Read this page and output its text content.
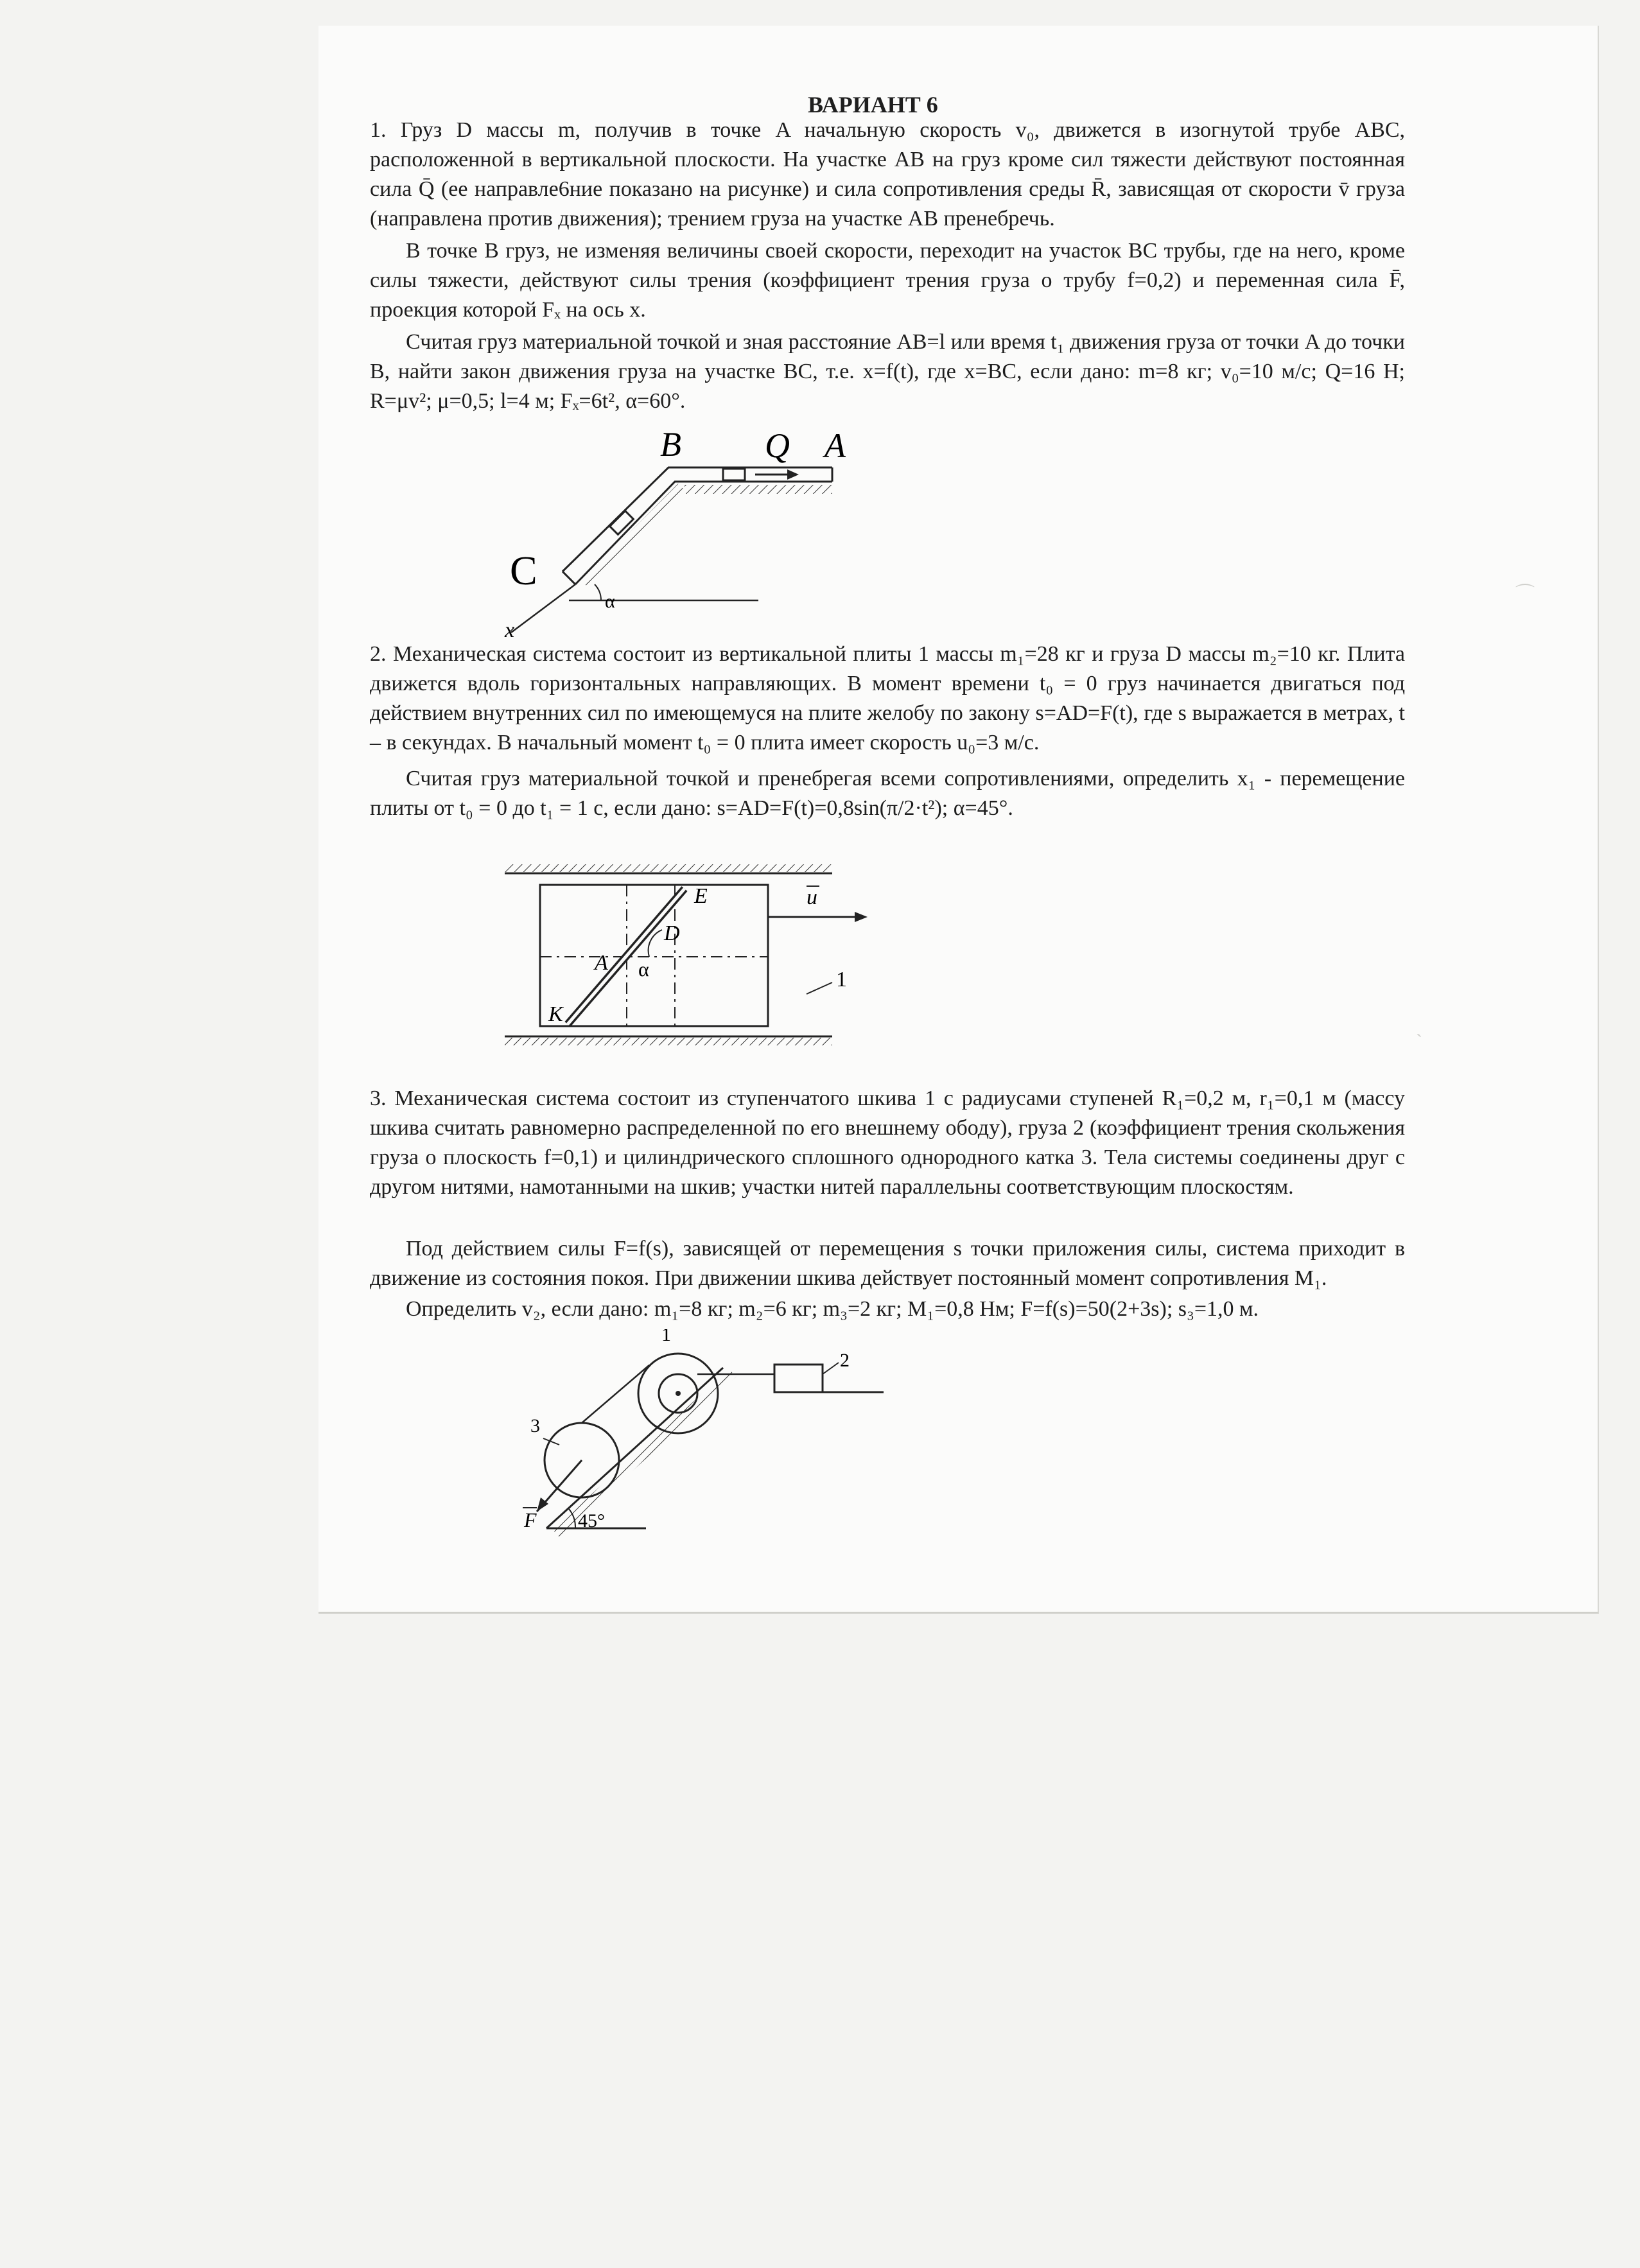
ВАРИАНТ 6
1. Груз D массы m, получив в точке A начальную скорость v₀, движется в изогнутой трубе ABC, расположенной в вертикальной плоскости. На участке AB на груз кроме сил тяжести действуют постоянная сила Q̄ (ее направле6ние показано на рисунке) и сила сопротивления среды R̄, зависящая от скорости v̄ груза (направлена против движения); трением груза на участке AB пренебречь.
В точке B груз, не изменяя величины своей скорости, переходит на участок BC трубы, где на него, кроме силы тяжести, действуют силы трения (коэффициент трения груза о трубу f=0,2) и переменная сила F̄, проекция которой Fₓ на ось x.
Считая груз материальной точкой и зная расстояние AB=l или время t₁ движения груза от точки A до точки B, найти закон движения груза на участке BC, т.е. x=f(t), где x=BC, если дано: m=8 кг; v₀=10 м/с; Q=16 Н; R=μv²; μ=0,5; l=4 м; Fₓ=6t², α=60°.
B Q A
C
x
α
2. Механическая система состоит из вертикальной плиты 1 массы m₁=28 кг и груза D массы m₂=10 кг. Плита движется вдоль горизонтальных направляющих. В момент времени t₀ = 0 груз начинается двигаться под действием внутренних сил по имеющемуся на плите желобу по закону s=AD=F(t), где s выражается в метрах, t – в секундах. В начальный момент t₀ = 0 плита имеет скорость u₀=3 м/с.
Считая груз материальной точкой и пренебрегая всеми сопротивлениями, определить x₁ - перемещение плиты от t₀ = 0 до t₁ = 1 c, если дано: s=AD=F(t)=0,8sin(π/2·t²); α=45°.
E
D
A α
K
u
1
3. Механическая система состоит из ступенчатого шкива 1 с радиусами ступеней R₁=0,2 м, r₁=0,1 м (массу шкива считать равномерно распределенной по его внешнему ободу), груза 2 (коэффициент трения скольжения груза о плоскость f=0,1) и цилиндрического сплошного однородного катка 3. Тела системы соединены друг с другом нитями, намотанными на шкив; участки нитей параллельны соответствующим плоскостям.
Под действием силы F=f(s), зависящей от перемещения s точки приложения силы, система приходит в движение из состояния покоя. При движении шкива действует постоянный момент сопротивления M₁.
Определить v₂, если дано: m₁=8 кг; m₂=6 кг; m₃=2 кг; M₁=0,8 Нм; F=f(s)=50(2+3s); s₃=1,0 м.
1
2
3
F 45°
⌒
`
